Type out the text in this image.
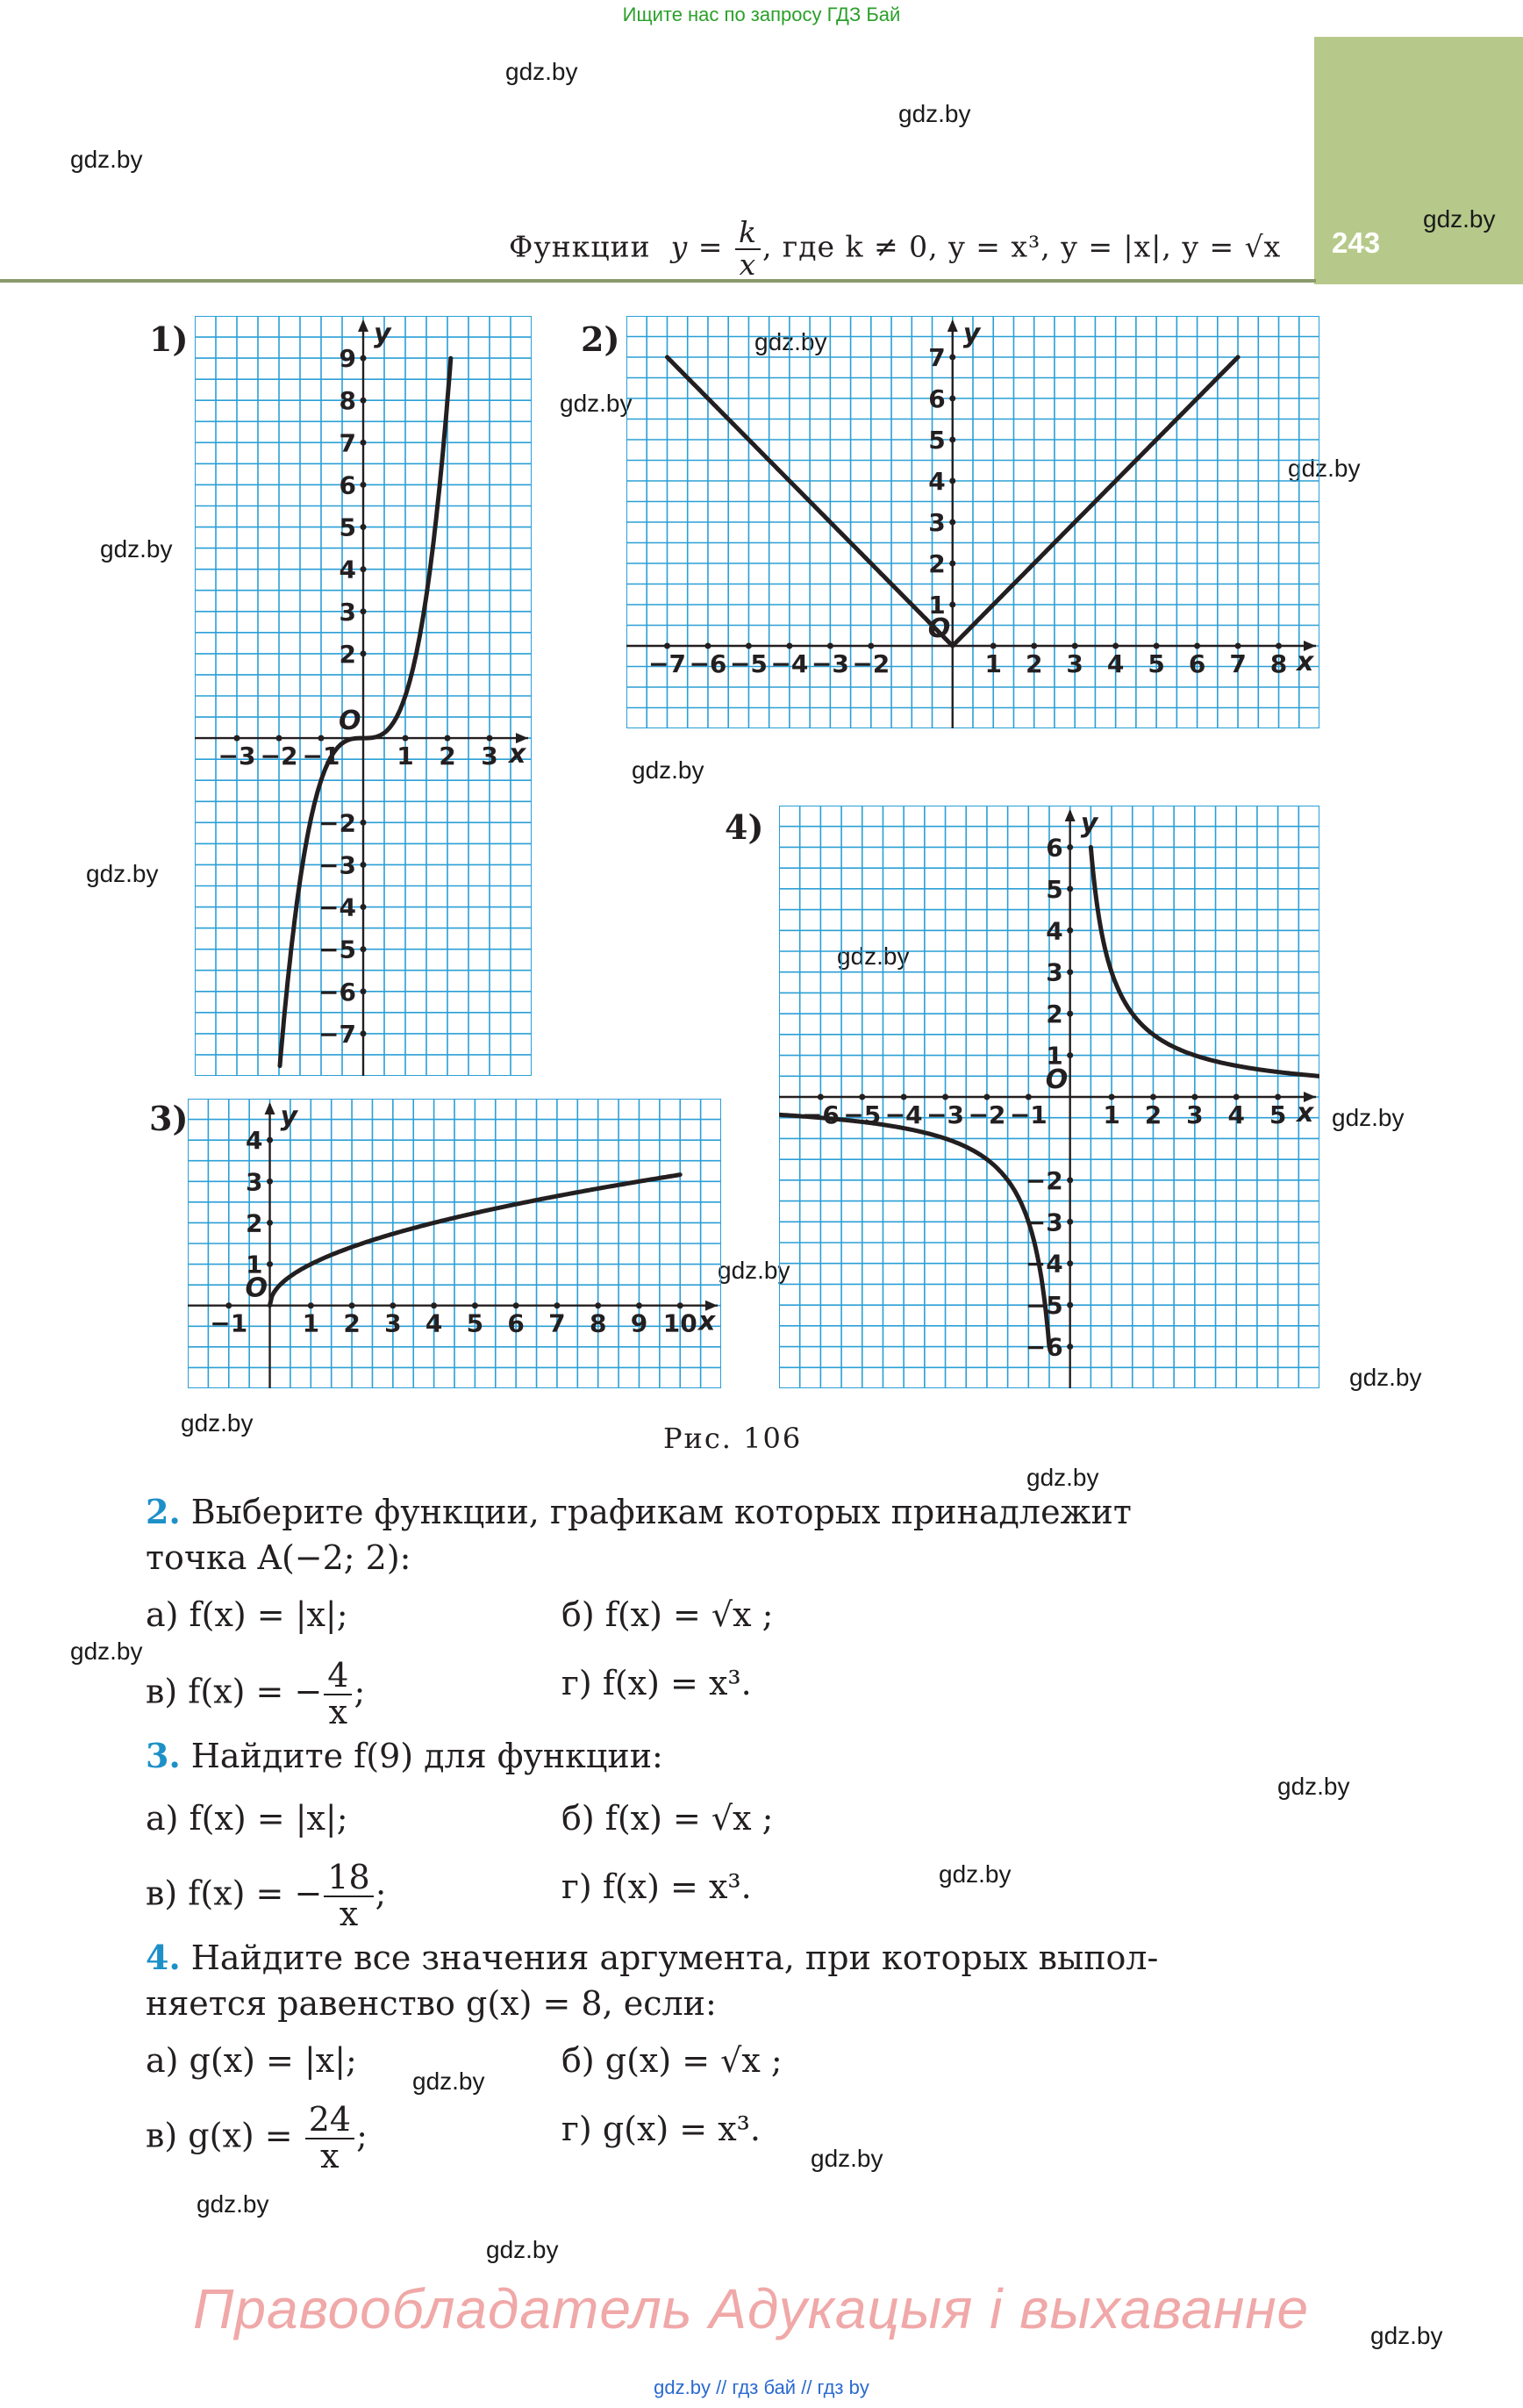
Ищите нас по запросу ГДЗ Бай
243
Функции $y = \frac{k}{x}$ , где k ≠ 0, y = x³, y = |x|, y = √x
gdz.by
gdz.by
gdz.by
gdz.by
gdz.by
gdz.by
gdz.by
gdz.by
gdz.by
gdz.by
gdz.by
gdz.by
gdz.by
gdz.by
gdz.by
gdz.by
gdz.by
gdz.by
gdz.by
gdz.by
gdz.by
gdz.by
gdz.by
gdz.by
1)	2)
3)
4)
x
y
O
−3 −2 −1 1 2 3
9
8
7
6
5
4
3
2
−2
−3
−4
−5
−6
−7
x
y
O
−7 −6 −5 −4 −3 −2	1 2 3 4 5 6 7 8
7
6
5
4
3
2
1
x
y
O
−1 1 2 3 4 5 6 7 8 9 10
4
3
2
1
x
y
O
−6 −5 −4 −3 −2 −1 1 2 3 4 5
6
5
4
3
2
1
−2
−3
−4
−5
−6
Рис. 106
2. Выберите функции, графикам которых принадлежит
точка A(−2; 2):
а) f(x) = |x|;	б) f(x) = √x ;
в) f(x) = − $\frac{4}{x}$ ;	г) f(x) = x³.
3. Найдите f(9) для функции:
а) f(x) = |x|;	б) f(x) = √x ;
в) f(x) = − $\frac{18}{x}$ ;	г) f(x) = x³.
4. Найдите все значения аргумента, при которых выпол-
няется равенство g(x) = 8, если:
а) g(x) = |x|;	б) g(x) = √x ;
в) $g(x) = \frac{24}{x}$ ;	г) g(x) = x³.
Правообладатель Адукацыя і выхаванне
gdz.by // гдз бай // гдз by
